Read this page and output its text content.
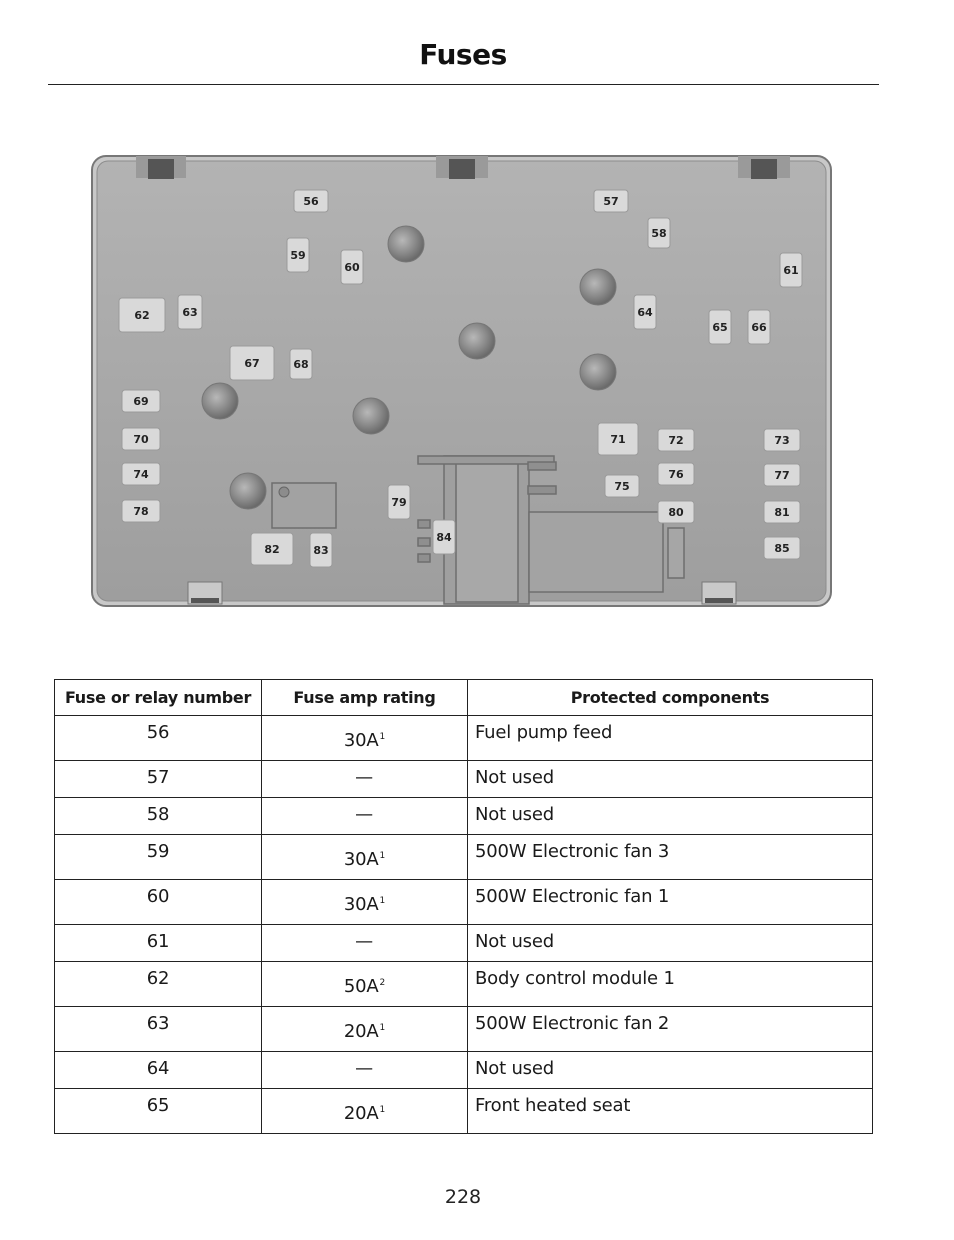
Fuses
56	57
58
59
60	61
62	63	64
65 66
67	68
69
70	71	72	73
74
75
76	77
78
79
80	81
82	83
84
85
Fuse or relay number	Fuse amp rating	Protected components
56	$30A^1$	Fuel pump feed
57	—	Not used
58	—	Not used
59	$30A^1$	500W Electronic fan 3
60	$30A^1$	500W Electronic fan 1
61	—	Not used
62	$50A^2$	Body control module 1
63	$20A^1$	500W Electronic fan 2
64	—	Not used
65	$20A^1$	Front heated seat
228
